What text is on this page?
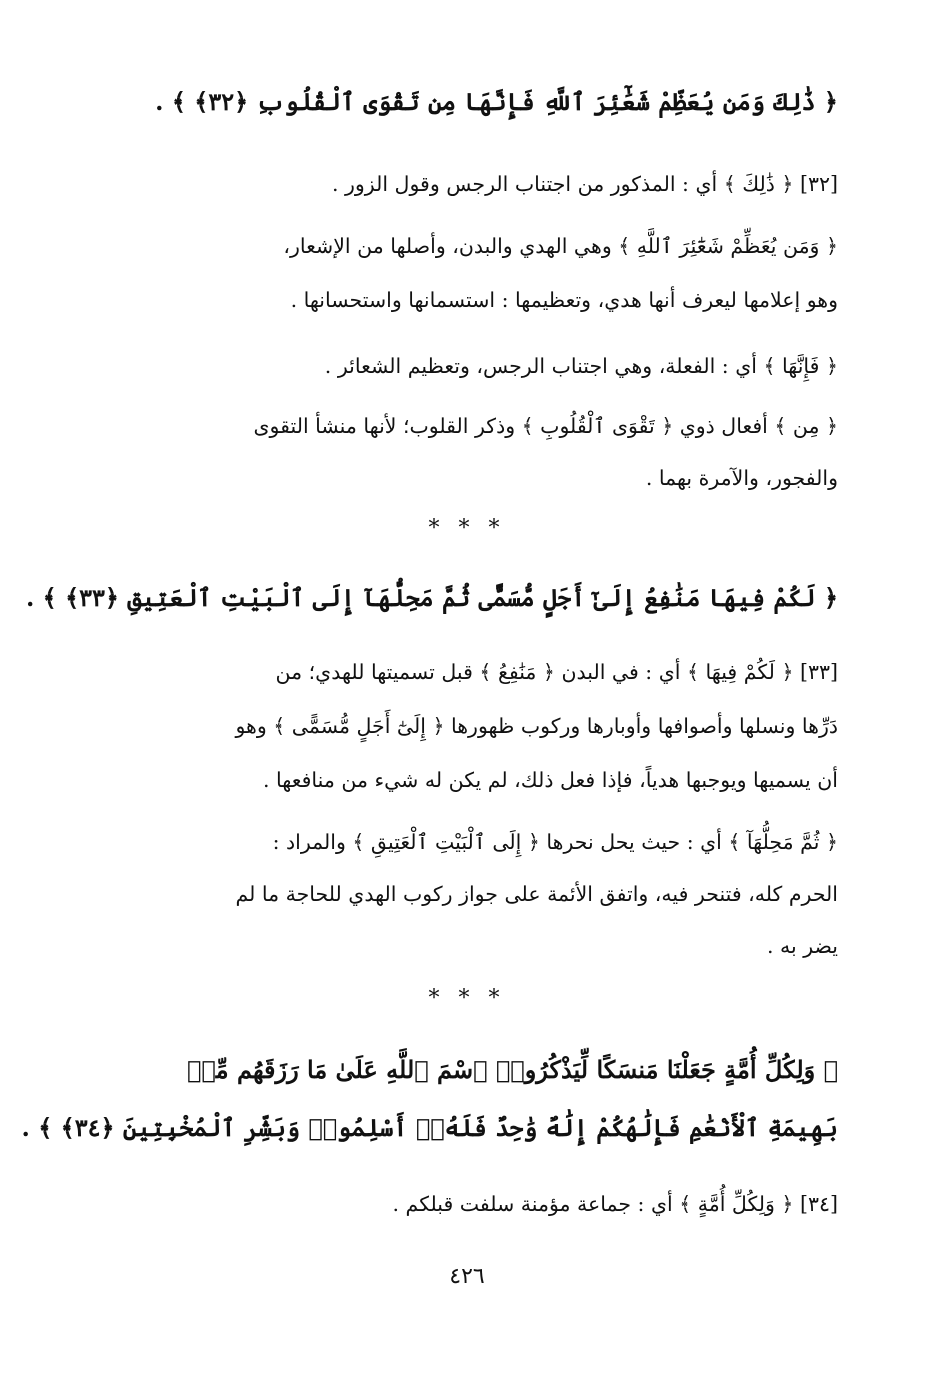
﴿ ذَٰلِكَ وَمَن يُعَظِّمْ شَعَٰٓئِرَ ٱللَّهِ فَإِنَّهَا مِن تَقْوَى ٱلْقُلُوبِ ﴿٣٢﴾ ﴾ .
[٣٢] ﴿ ذَٰلِكَ ﴾ أي : المذكور من اجتناب الرجس وقول الزور .
﴿ وَمَن يُعَظِّمْ شَعَٰٓئِرَ ٱللَّهِ ﴾ وهي الهدي والبدن، وأصلها من الإشعار،
وهو إعلامها ليعرف أنها هدي، وتعظيمها : استسمانها واستحسانها .
﴿ فَإِنَّهَا ﴾ أي : الفعلة، وهي اجتناب الرجس، وتعظيم الشعائر .
﴿ مِن ﴾ أفعال ذوي ﴿ تَقْوَى ٱلْقُلُوبِ ﴾ وذكر القلوب؛ لأنها منشأ التقوى
والفجور، والآمرة بهما .
* * *
﴿ لَكُمْ فِيهَا مَنَٰفِعُ إِلَىٰٓ أَجَلٍ مُّسَمًّى ثُمَّ مَحِلُّهَآ إِلَى ٱلْبَيْتِ ٱلْعَتِيقِ ﴿٣٣﴾ ﴾ .
[٣٣] ﴿ لَكُمْ فِيهَا ﴾ أي : في البدن ﴿ مَنَٰفِعُ ﴾ قبل تسميتها للهدي؛ من
دَرِّها ونسلها وأصوافها وأوبارها وركوب ظهورها ﴿ إِلَىٰٓ أَجَلٍ مُّسَمًّى ﴾ وهو
أن يسميها ويوجبها هدياً، فإذا فعل ذلك، لم يكن له شيء من منافعها .
﴿ ثُمَّ مَحِلُّهَآ ﴾ أي : حيث يحل نحرها ﴿ إِلَى ٱلْبَيْتِ ٱلْعَتِيقِ ﴾ والمراد :
الحرم كله، فتنحر فيه، واتفق الأئمة على جواز ركوب الهدي للحاجة ما لم
يضر به .
* * *
﴿ وَلِكُلِّ أُمَّةٍ جَعَلْنَا مَنسَكًا لِّيَذْكُرُوا۟ ٱسْمَ ٱللَّهِ عَلَىٰ مَا رَزَقَهُم مِّنۢ
بَهِيمَةِ ٱلْأَنْعَٰمِ فَإِلَٰهُكُمْ إِلَٰهٌ وَٰحِدٌ فَلَهُۥٓ أَسْلِمُوا۟ وَبَشِّرِ ٱلْمُخْبِتِينَ ﴿٣٤﴾ ﴾ .
[٣٤] ﴿ وَلِكُلِّ أُمَّةٍ ﴾ أي : جماعة مؤمنة سلفت قبلكم .
٤٢٦
